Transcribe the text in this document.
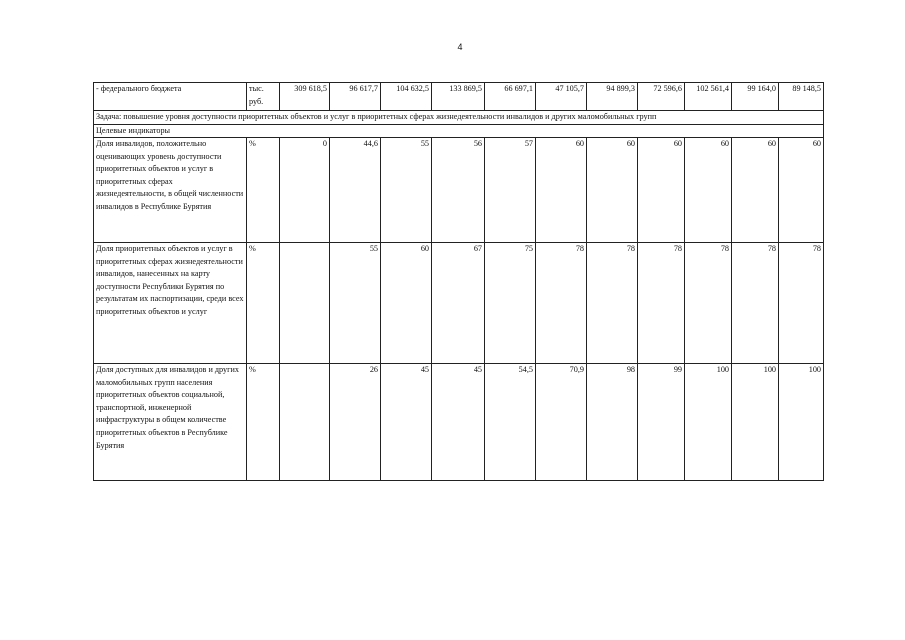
4
- федерального бюджета	тыс. руб.	309 618,5	96 617,7	104 632,5	133 869,5	66 697,1	47 105,7	94 899,3	72 596,6	102 561,4	99 164,0	89 148,5
Задача: повышение уровня доступности приоритетных объектов и услуг в приоритетных сферах жизнедеятельности инвалидов и других маломобильных групп												
Целевые индикаторы												
Доля инвалидов, положительно оценивающих уровень доступности приоритетных объектов и услуг в приоритетных сферах жизнедеятельности, в общей численности инвалидов в Республике Бурятия	%	0	44,6	55	56	57	60	60	60	60	60	60
Доля приоритетных объектов и услуг в приоритетных сферах жизнедеятельности инвалидов, нанесенных на карту доступности Республики Бурятия по результатам их паспортизации, среди всех приоритетных объектов и услуг	%		55	60	67	75	78	78	78	78	78	78
Доля доступных для инвалидов и других маломобильных групп населения приоритетных объектов социальной, транспортной, инженерной инфраструктуры в общем количестве приоритетных объектов в Республике Бурятия	%		26	45	45	54,5	70,9	98	99	100	100	100
